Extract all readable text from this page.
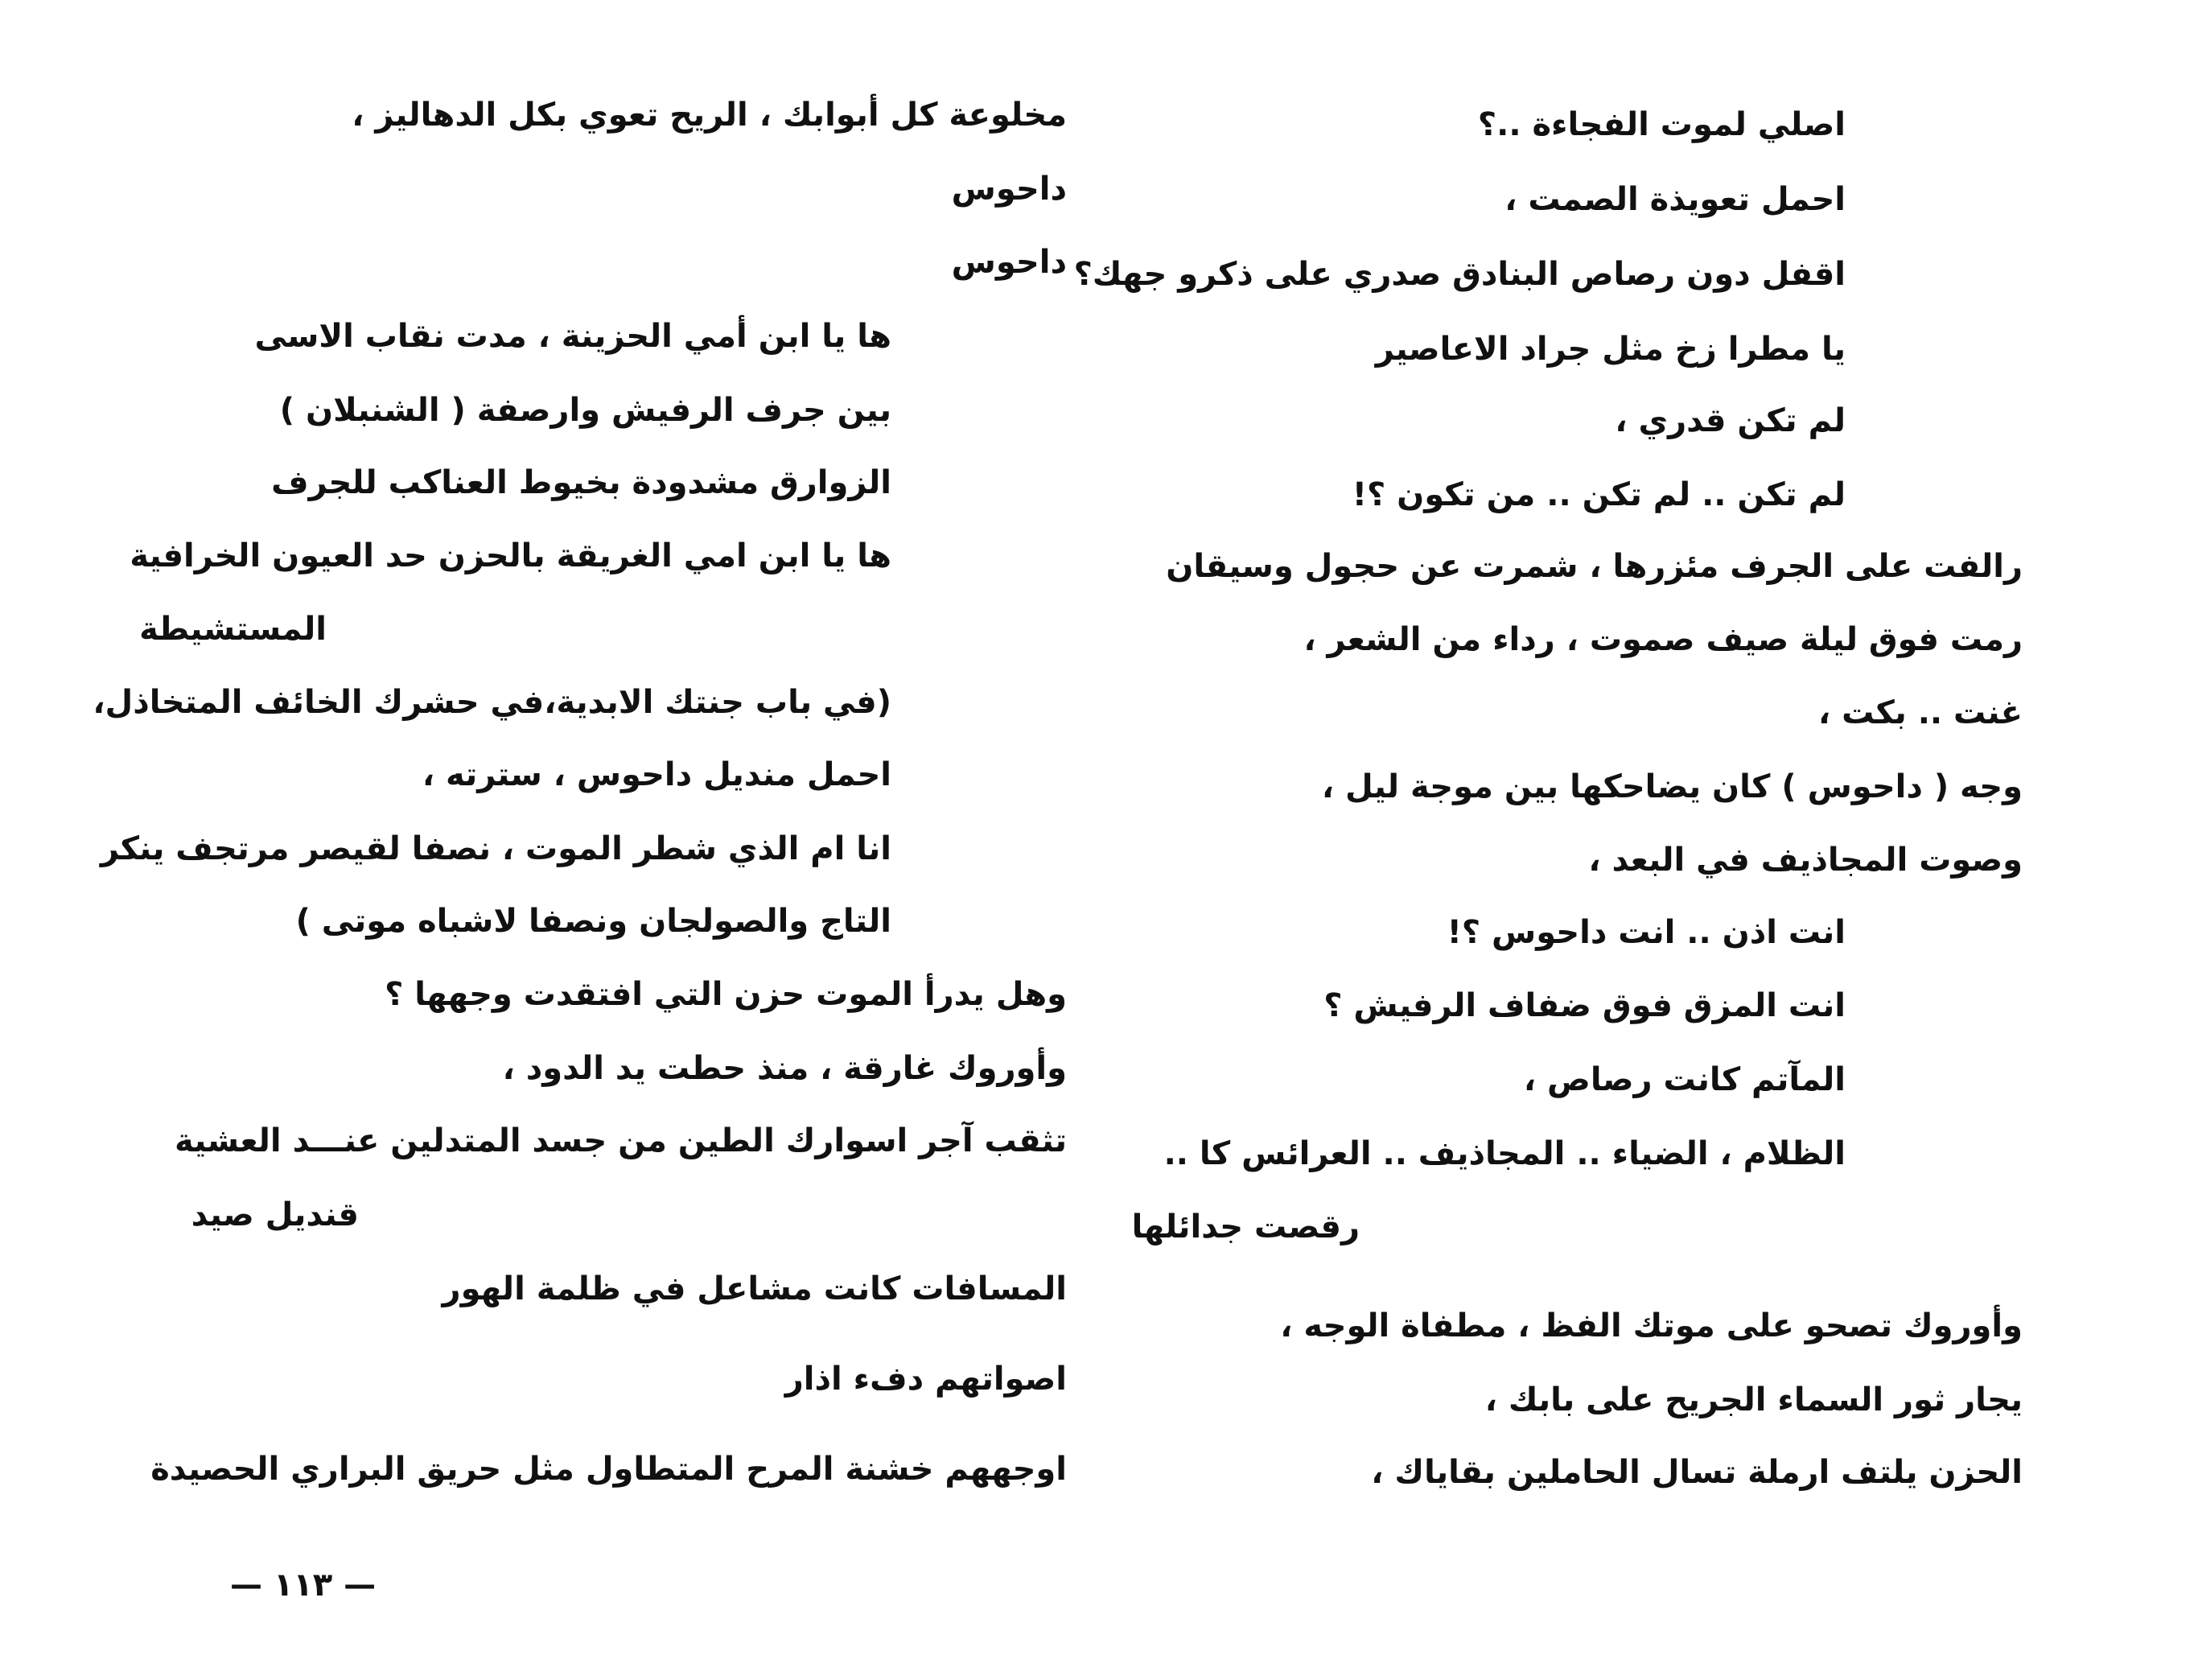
اصلي لموت الفجاءة ..؟
احمل تعويذة الصمت ،
اقفل دون رصاص البنادق صدري على ذكرو جهك؟
يا مطرا زخ مثل جراد الاعاصير
لم تكن قدري ،
لم تكن .. لم تكن .. من تكون ؟!
رالفت على الجرف مئزرها ، شمرت عن حجول وسيقان
رمت فوق ليلة صيف صموت ، رداء من الشعر ،
غنت .. بكت ،
وجه ( داحوس ) كان يضاحكها بين موجة ليل ،
وصوت المجاذيف في البعد ،
انت اذن .. انت داحوس ؟!
انت المزق فوق ضفاف الرفيش ؟
المآتم كانت رصاص ،
الظلام ، الضياء .. المجاذيف .. العرائس كا ..
رقصت جدائلها
وأوروك تصحو على موتك الفظ ، مطفاة الوجه ،
يجار ثور السماء الجريح على بابك ،
الحزن يلتف ارملة تسال الحاملين بقاياك ،
مخلوعة كل أبوابك ، الريح تعوي بكل الدهاليز ،
داحوس
داحوس
ها يا ابن أمي الحزينة ، مدت نقاب الاسى
بين جرف الرفيش وارصفة ( الشنبلان )
الزوارق مشدودة بخيوط العناكب للجرف
ها يا ابن امي الغريقة بالحزن حد العيون الخرافية
المستشيطة
(في باب جنتك الابدية،في حشرك الخائف المتخاذل،
احمل منديل داحوس ، سترته ،
انا ام الذي شطر الموت ، نصفا لقيصر مرتجف ينكر
التاج والصولجان ونصفا لاشباه موتى )
وهل يدرأ الموت حزن التي افتقدت وجهها ؟
وأوروك غارقة ، منذ حطت يد الدود ،
تثقب آجر اسوارك الطين من جسد المتدلين عنـــد العشية
قنديل صيد
المسافات كانت مشاعل في ظلمة الهور
اصواتهم دفء اذار
اوجههم خشنة المرح المتطاول مثل حريق البراري الحصيدة
— ١١٣ —
